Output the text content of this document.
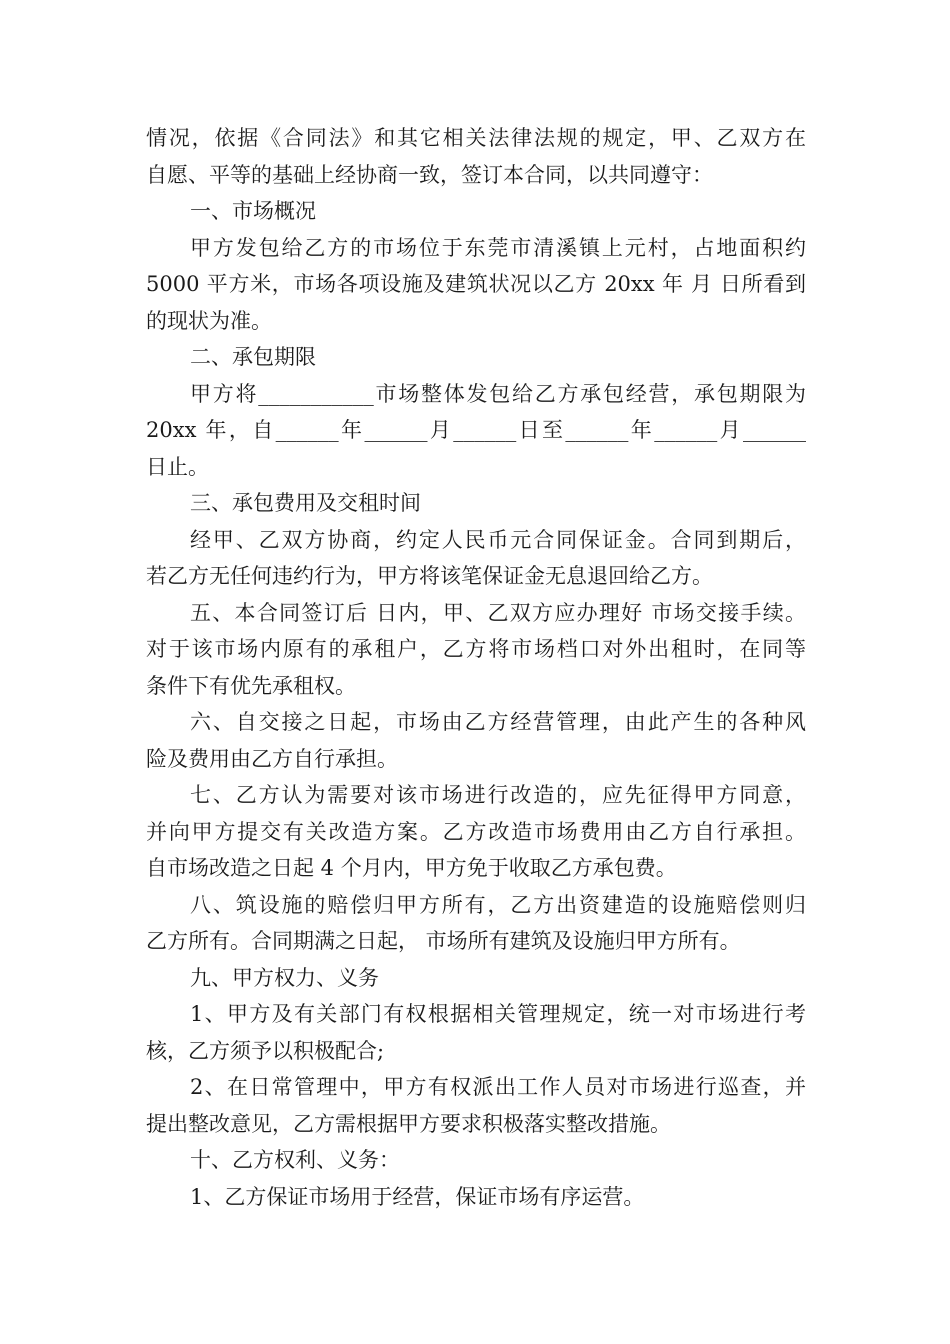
情况，依据《合同法》和其它相关法律法规的规定，甲、乙双方在
自愿、平等的基础上经协商一致，签订本合同，以共同遵守：
一、市场概况
甲方发包给乙方的市场位于东莞市清溪镇上元村，占地面积约
5000 平方米，市场各项设施及建筑状况以乙方 20xx 年 月 日所看到
的现状为准。
二、承包期限
甲方将___________市场整体发包给乙方承包经营，承包期限为
20xx 年，自______年______月______日至______年______月______
日止。
三、承包费用及交租时间
经甲、乙双方协商，约定人民币元合同保证金。合同到期后，
若乙方无任何违约行为，甲方将该笔保证金无息退回给乙方。
五、本合同签订后 日内，甲、乙双方应办理好 市场交接手续。
对于该市场内原有的承租户，乙方将市场档口对外出租时，在同等
条件下有优先承租权。
六、自交接之日起，市场由乙方经营管理，由此产生的各种风
险及费用由乙方自行承担。
七、乙方认为需要对该市场进行改造的，应先征得甲方同意，
并向甲方提交有关改造方案。乙方改造市场费用由乙方自行承担。
自市场改造之日起 4 个月内，甲方免于收取乙方承包费。
八、筑设施的赔偿归甲方所有，乙方出资建造的设施赔偿则归
乙方所有。合同期满之日起， 市场所有建筑及设施归甲方所有。
九、甲方权力、义务
1、甲方及有关部门有权根据相关管理规定，统一对市场进行考
核，乙方须予以积极配合;
2、在日常管理中，甲方有权派出工作人员对市场进行巡查，并
提出整改意见，乙方需根据甲方要求积极落实整改措施。
十、乙方权利、义务：
1、乙方保证市场用于经营，保证市场有序运营。
